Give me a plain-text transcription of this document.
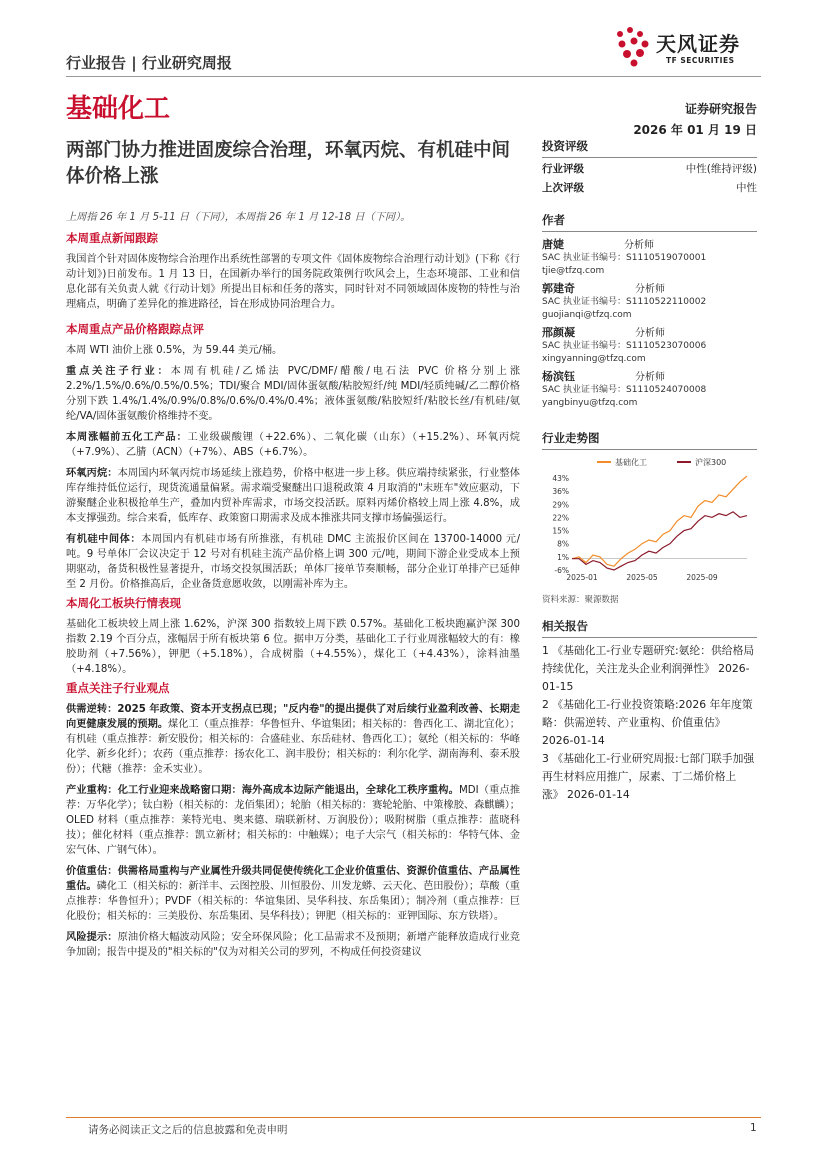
行业报告 | 行业研究周报
基础化工
天风证券
TF SECURITIES
证券研究报告
2026 年 01 月 19 日
两部门协力推进固废综合治理，环氧丙烷、有机硅中间体价格上涨

上周指 26 年 1 月 5-11 日（下同），本周指 26 年 1 月 12-18 日（下同）。

本周重点新闻跟踪

我国首个针对固体废物综合治理作出系统性部署的专项文件《固体废物综合治理行动计划》(下称《行动计划》)日前发布。1 月 13 日，在国新办举行的国务院政策例行吹风会上，生态环境部、工业和信息化部有关负责人就《行动计划》所提出目标和任务的落实，同时针对不同领域固体废物的特性与治理痛点，明确了差异化的推进路径，旨在形成协同治理合力。

本周重点产品价格跟踪点评

本周 WTI 油价上涨 0.5%，为 59.44 美元/桶。

重点关注子行业：本周有机硅/乙烯法 PVC/DMF/醋酸/电石法 PVC 价格分别上涨 2.2%/1.5%/0.6%/0.5%/0.5%；TDI/聚合 MDI/固体蛋氨酸/粘胶短纤/纯 MDI/轻质纯碱/乙二醇价格分别下跌 1.4%/1.4%/0.9%/0.8%/0.6%/0.4%/0.4%；液体蛋氨酸/粘胶短纤/粘胶长丝/有机硅/氨纶/VA/固体蛋氨酸价格维持不变。

本周涨幅前五化工产品：工业级碳酸锂（+22.6%）、二氧化碳（山东）（+15.2%）、环氧丙烷（+7.9%）、乙腈（ACN）（+7%）、ABS（+6.7%）。

环氧丙烷：本周国内环氧丙烷市场延续上涨趋势，价格中枢进一步上移。供应端持续紧张，行业整体库存维持低位运行，现货流通量偏紧。需求端受聚醚出口退税政策 4 月取消的"末班车"效应驱动，下游聚醚企业积极抢单生产，叠加内贸补库需求，市场交投活跃。原料丙烯价格较上周上涨 4.8%，成本支撑强劲。综合来看，低库存、政策窗口期需求及成本推涨共同支撑市场偏强运行。

有机硅中间体：本周国内有机硅市场有所推涨，有机硅 DMC 主流报价区间在 13700-14000 元/吨。9 号单体厂会议决定于 12 号对有机硅主流产品价格上调 300 元/吨，期间下游企业受成本上预期驱动，备货积极性显著提升，市场交投氛围活跃；单体厂接单节奏顺畅，部分企业订单排产已延伸至 2 月份。价格推高后，企业备货意愿收敛，以刚需补库为主。

本周化工板块行情表现

基础化工板块较上周上涨 1.62%，沪深 300 指数较上周下跌 0.57%。基础化工板块跑赢沪深 300 指数 2.19 个百分点，涨幅居于所有板块第 6 位。据申万分类，基础化工子行业周涨幅较大的有：橡胶助剂（+7.56%），钾肥（+5.18%），合成树脂（+4.55%），煤化工（+4.43%），涂料油墨（+4.18%）。

重点关注子行业观点

供需逆转：2025 年政策、资本开支拐点已现；"反内卷"的提出提供了对后续行业盈利改善、长期走向更健康发展的预期。煤化工（重点推荐：华鲁恒升、华谊集团；相关标的：鲁西化工、湖北宜化）；有机硅（重点推荐：新安股份；相关标的：合盛硅业、东岳硅材、鲁西化工）；氨纶（相关标的：华峰化学、新乡化纤）；农药（重点推荐：扬农化工、润丰股份；相关标的：利尔化学、湖南海利、泰禾股份）；代糖（推荐：金禾实业）。

产业重构：化工行业迎来战略窗口期：海外高成本边际产能退出，全球化工秩序重构。MDI（重点推荐：万华化学）；钛白粉（相关标的：龙佰集团）；轮胎（相关标的：赛轮轮胎、中策橡胶、森麒麟）；OLED 材料（重点推荐：莱特光电、奥来德、瑞联新材、万润股份）；吸附树脂（重点推荐：蓝晓科技）；催化材料（重点推荐：凯立新材；相关标的：中触媒）；电子大宗气（相关标的：华特气体、金宏气体、广钢气体）。

价值重估：供需格局重构与产业属性升级共同促使传统化工企业价值重估、资源价值重估、产品属性重估。磷化工（相关标的：新洋丰、云图控股、川恒股份、川发龙蟒、云天化、芭田股份）；草酸（重点推荐：华鲁恒升）；PVDF（相关标的：华谊集团、昊华科技、东岳集团）；制冷剂（重点推荐：巨化股份；相关标的：三美股份、东岳集团、昊华科技）；钾肥（相关标的：亚钾国际、东方铁塔）。

风险提示：原油价格大幅波动风险；安全环保风险；化工品需求不及预期；新增产能释放造成行业竞争加剧；报告中提及的"相关标的"仅为对相关公司的罗列，不构成任何投资建议

投资评级
行业评级	中性(维持评级)
上次评级	中性
作者
唐婕	分析师
SAC 执业证书编号：S1110519070001
tjie@tfzq.com
郭建奇	分析师
SAC 执业证书编号：S1110522110002
guojianqi@tfzq.com
邢颜凝	分析师
SAC 执业证书编号：S1110523070006
xingyanning@tfzq.com
杨滨钰	分析师
SAC 执业证书编号：S1110524070008
yangbinyu@tfzq.com
行业走势图
基础化工	沪深300
-6%
1%
8%
15%
22%
29%
36%
43%
2025-01	2025-05	2025-09
资料来源：聚源数据
相关报告
1 《基础化工-行业专题研究:氨纶：供给格局持续优化，关注龙头企业利润弹性》 2026-01-15
2 《基础化工-行业投资策略:2026 年年度策略：供需逆转、产业重构、价值重估》 2026-01-14
3 《基础化工-行业研究周报:七部门联手加强再生材料应用推广，尿素、丁二烯价格上涨》 2026-01-14
请务必阅读正文之后的信息披露和免责申明	1
